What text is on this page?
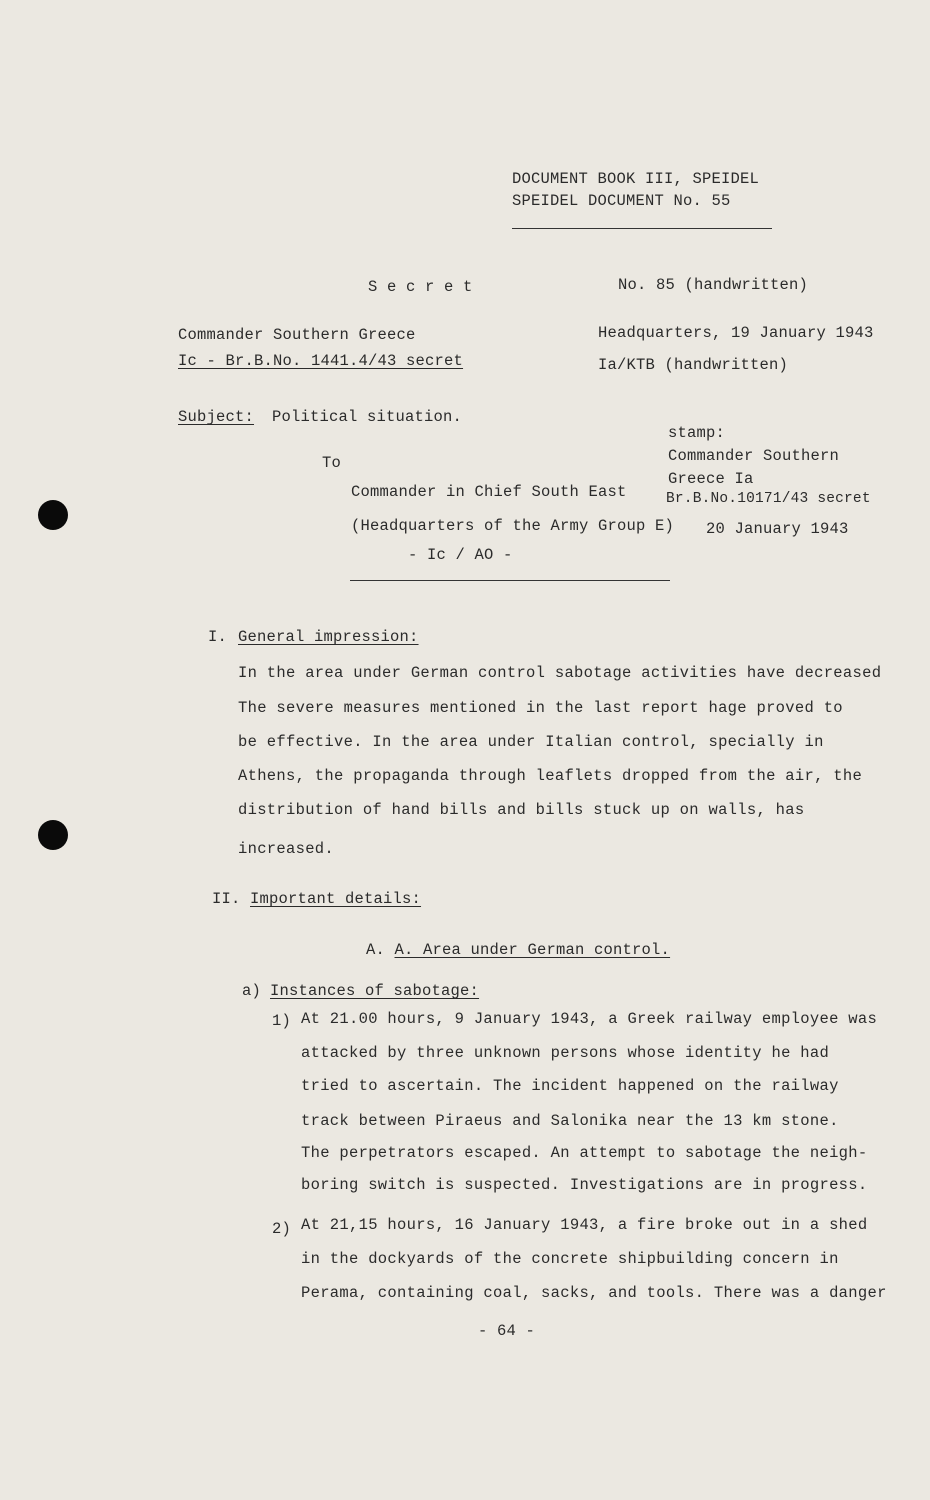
DOCUMENT BOOK III, SPEIDEL
SPEIDEL DOCUMENT No. 55
S e c r e t	No. 85 (handwritten)
Commander Southern Greece
Ic - Br.B.No. 1441.4/43 secret
Headquarters, 19 January 1943
Ia/KTB (handwritten)
Subject: Political situation.
stamp:
Commander Southern
Greece Ia
Br.B.No.10171/43 secret
20 January 1943
To
Commander in Chief South East
(Headquarters of the Army Group E)
- Ic / AO -
I. General impression:
In the area under German control sabotage activities have decreased
The severe measures mentioned in the last report hage proved to
be effective. In the area under Italian control, specially in
Athens, the propaganda through leaflets dropped from the air, the
distribution of hand bills and bills stuck up on walls, has
increased.
II. Important details:
A. A. Area under German control.
a) Instances of sabotage:
1) At 21.00 hours, 9 January 1943, a Greek railway employee was
attacked by three unknown persons whose identity he had
tried to ascertain. The incident happened on the railway
track between Piraeus and Salonika near the 13 km stone.
The perpetrators escaped. An attempt to sabotage the neigh-
boring switch is suspected. Investigations are in progress.
2) At 21,15 hours, 16 January 1943, a fire broke out in a shed
in the dockyards of the concrete shipbuilding concern in
Perama, containing coal, sacks, and tools. There was a danger
- 64 -
